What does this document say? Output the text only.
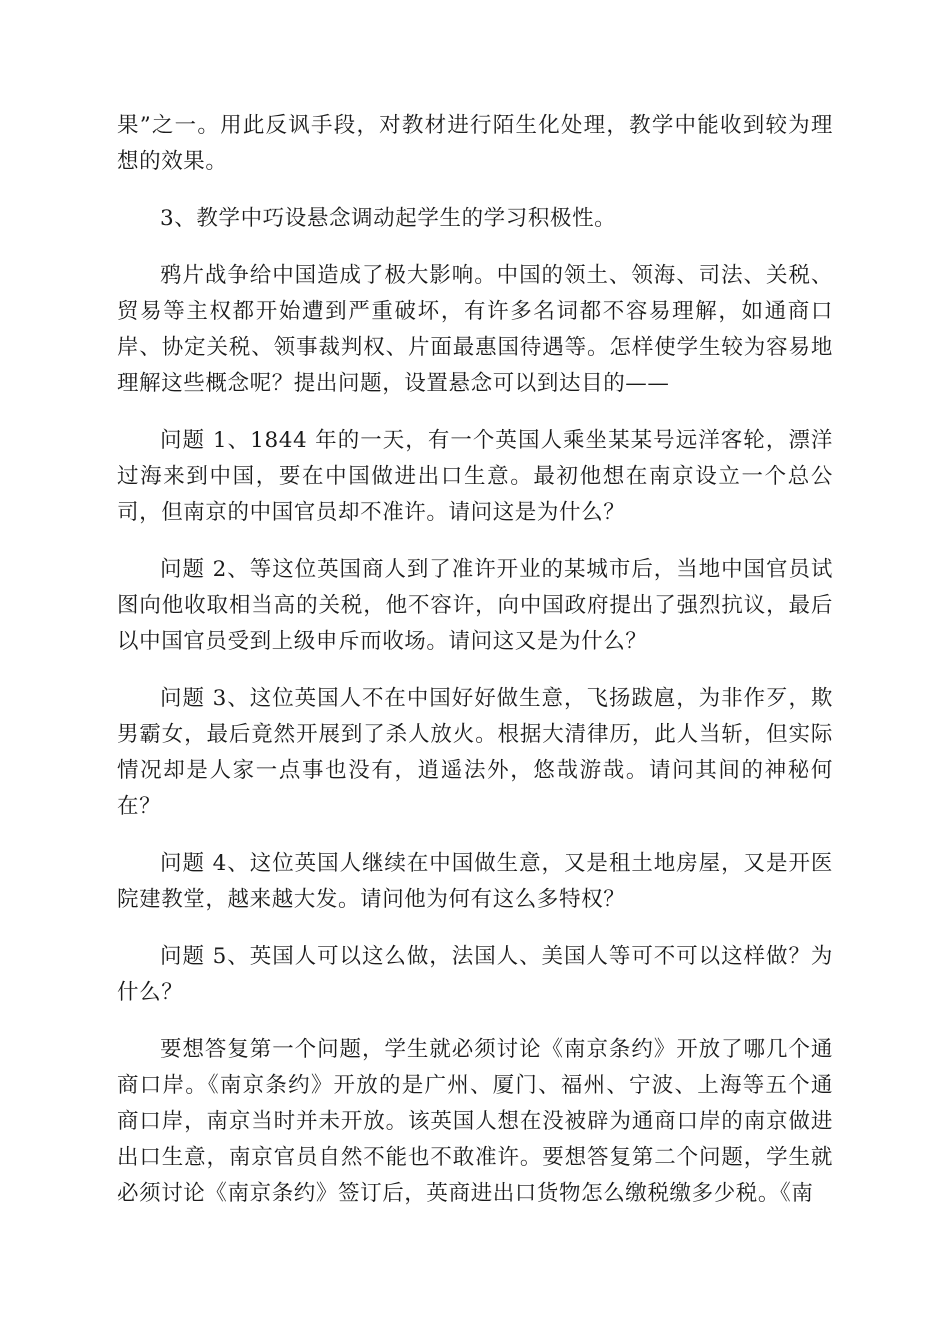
果”之一。用此反讽手段，对教材进行陌生化处理，教学中能收到较为理想的效果。

3、教学中巧设悬念调动起学生的学习积极性。

鸦片战争给中国造成了极大影响。中国的领土、领海、司法、关税、贸易等主权都开始遭到严重破坏，有许多名词都不容易理解，如通商口岸、协定关税、领事裁判权、片面最惠国待遇等。怎样使学生较为容易地理解这些概念呢？提出问题，设置悬念可以到达目的——

问题 1、1844 年的一天，有一个英国人乘坐某某号远洋客轮，漂洋过海来到中国，要在中国做进出口生意。最初他想在南京设立一个总公司，但南京的中国官员却不准许。请问这是为什么？

问题 2、等这位英国商人到了准许开业的某城市后，当地中国官员试图向他收取相当高的关税，他不容许，向中国政府提出了强烈抗议，最后以中国官员受到上级申斥而收场。请问这又是为什么？

问题 3、这位英国人不在中国好好做生意，飞扬跋扈，为非作歹，欺男霸女，最后竟然开展到了杀人放火。根据大清律历，此人当斩，但实际情况却是人家一点事也没有，逍遥法外，悠哉游哉。请问其间的神秘何在？

问题 4、这位英国人继续在中国做生意，又是租土地房屋，又是开医院建教堂，越来越大发。请问他为何有这么多特权？

问题 5、英国人可以这么做，法国人、美国人等可不可以这样做？为什么？

要想答复第一个问题，学生就必须讨论《南京条约》开放了哪几个通商口岸。《南京条约》开放的是广州、厦门、福州、宁波、上海等五个通商口岸，南京当时并未开放。该英国人想在没被辟为通商口岸的南京做进出口生意，南京官员自然不能也不敢准许。要想答复第二个问题，学生就必须讨论《南京条约》签订后，英商进出口货物怎么缴税缴多少税。《南
